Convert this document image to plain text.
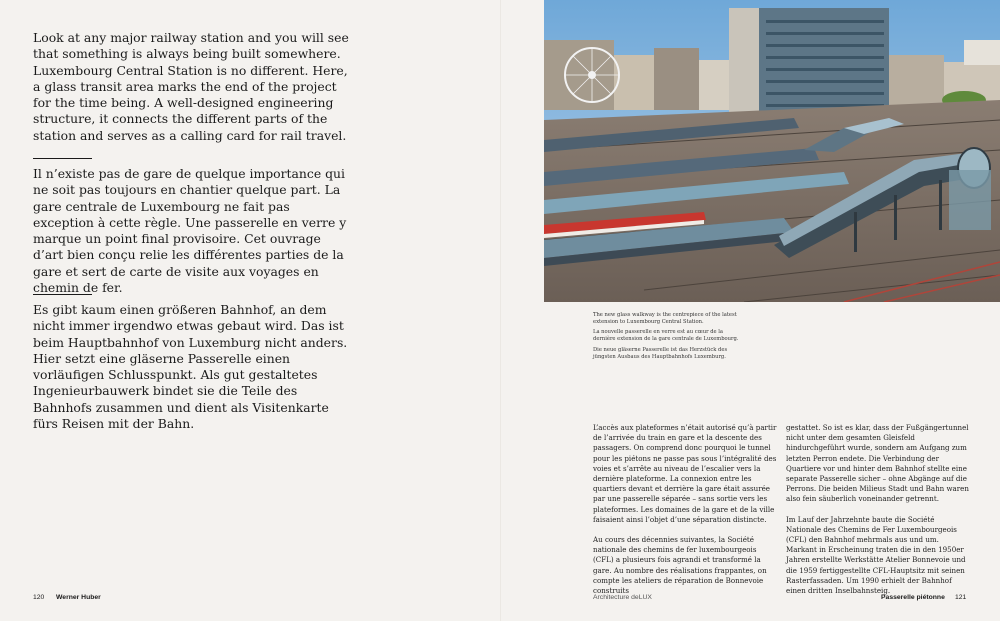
Look at any major railway station and you will see that something is always being built somewhere. Luxembourg Central Station is no different. Here, a glass transit area marks the end of the project for the time being. A well-designed engineering structure, it connects the different parts of the station and serves as a calling card for rail travel.

Il n’existe pas de gare de quelque importance qui ne soit pas toujours en chantier quelque part. La gare centrale de Luxembourg ne fait pas exception à cette règle. Une passerelle en verre y marque un point final provisoire. Cet ouvrage d’art bien conçu relie les différentes parties de la gare et sert de carte de visite aux voyages en chemin de fer.

Es gibt kaum einen größeren Bahnhof, an dem nicht immer irgendwo etwas gebaut wird. Das ist beim Hauptbahnhof von Luxemburg nicht anders. Hier setzt eine gläserne Passerelle einen vorläufigen Schlusspunkt. Als gut gestaltetes Ingenieurbauwerk bindet sie die Teile des Bahnhofs zusammen und dient als Visitenkarte fürs Reisen mit der Bahn.

120 Werner Huber

The new glass walkway is the centrepiece of the latest extension to Luxembourg Central Station.

La nouvelle passerelle en verre est au cœur de la dernière extension de la gare centrale de Luxembourg.

Die neue gläserne Passerelle ist das Herzstück des jüngsten Ausbaus des Hauptbahnhofs Luxemburg.

L’accès aux plateformes n’était autorisé qu’à partir de l’arrivée du train en gare et la descente des passagers. On comprend donc pourquoi le tunnel pour les piétons ne passe pas sous l’intégralité des voies et s’arrête au niveau de l’escalier vers la dernière plateforme. La connexion entre les quartiers devant et derrière la gare était assurée par une passerelle séparée – sans sortie vers les plateformes. Les domaines de la gare et de la ville faisaient ainsi l’objet d’une séparation distincte.

Au cours des décennies suivantes, la Société nationale des chemins de fer luxembourgeois (CFL) a plusieurs fois agrandi et transformé la gare. Au nombre des réalisations frappantes, on compte les ateliers de réparation de Bonnevoie construits

gestattet. So ist es klar, dass der Fußgängertunnel nicht unter dem gesamten Gleisfeld hindurchgeführt wurde, sondern am Aufgang zum letzten Perron endete. Die Verbindung der Quartiere vor und hinter dem Bahnhof stellte eine separate Passerelle sicher – ohne Abgänge auf die Perrons. Die beiden Milieus Stadt und Bahn waren also fein säuberlich voneinander getrennt.

Im Lauf der Jahrzehnte baute die Société Nationale des Chemins de Fer Luxembourgeois (CFL) den Bahnhof mehrmals aus und um. Markant in Erscheinung traten die in den 1950er Jahren erstellte Werkstätte Atelier Bonnevoie und die 1959 fertiggestellte CFL-Hauptsitz mit seinen Rasterfassaden. Um 1990 erhielt der Bahnhof einen dritten Inselbahnsteig.

Architecture deLUX	Passerelle piétonne 121
